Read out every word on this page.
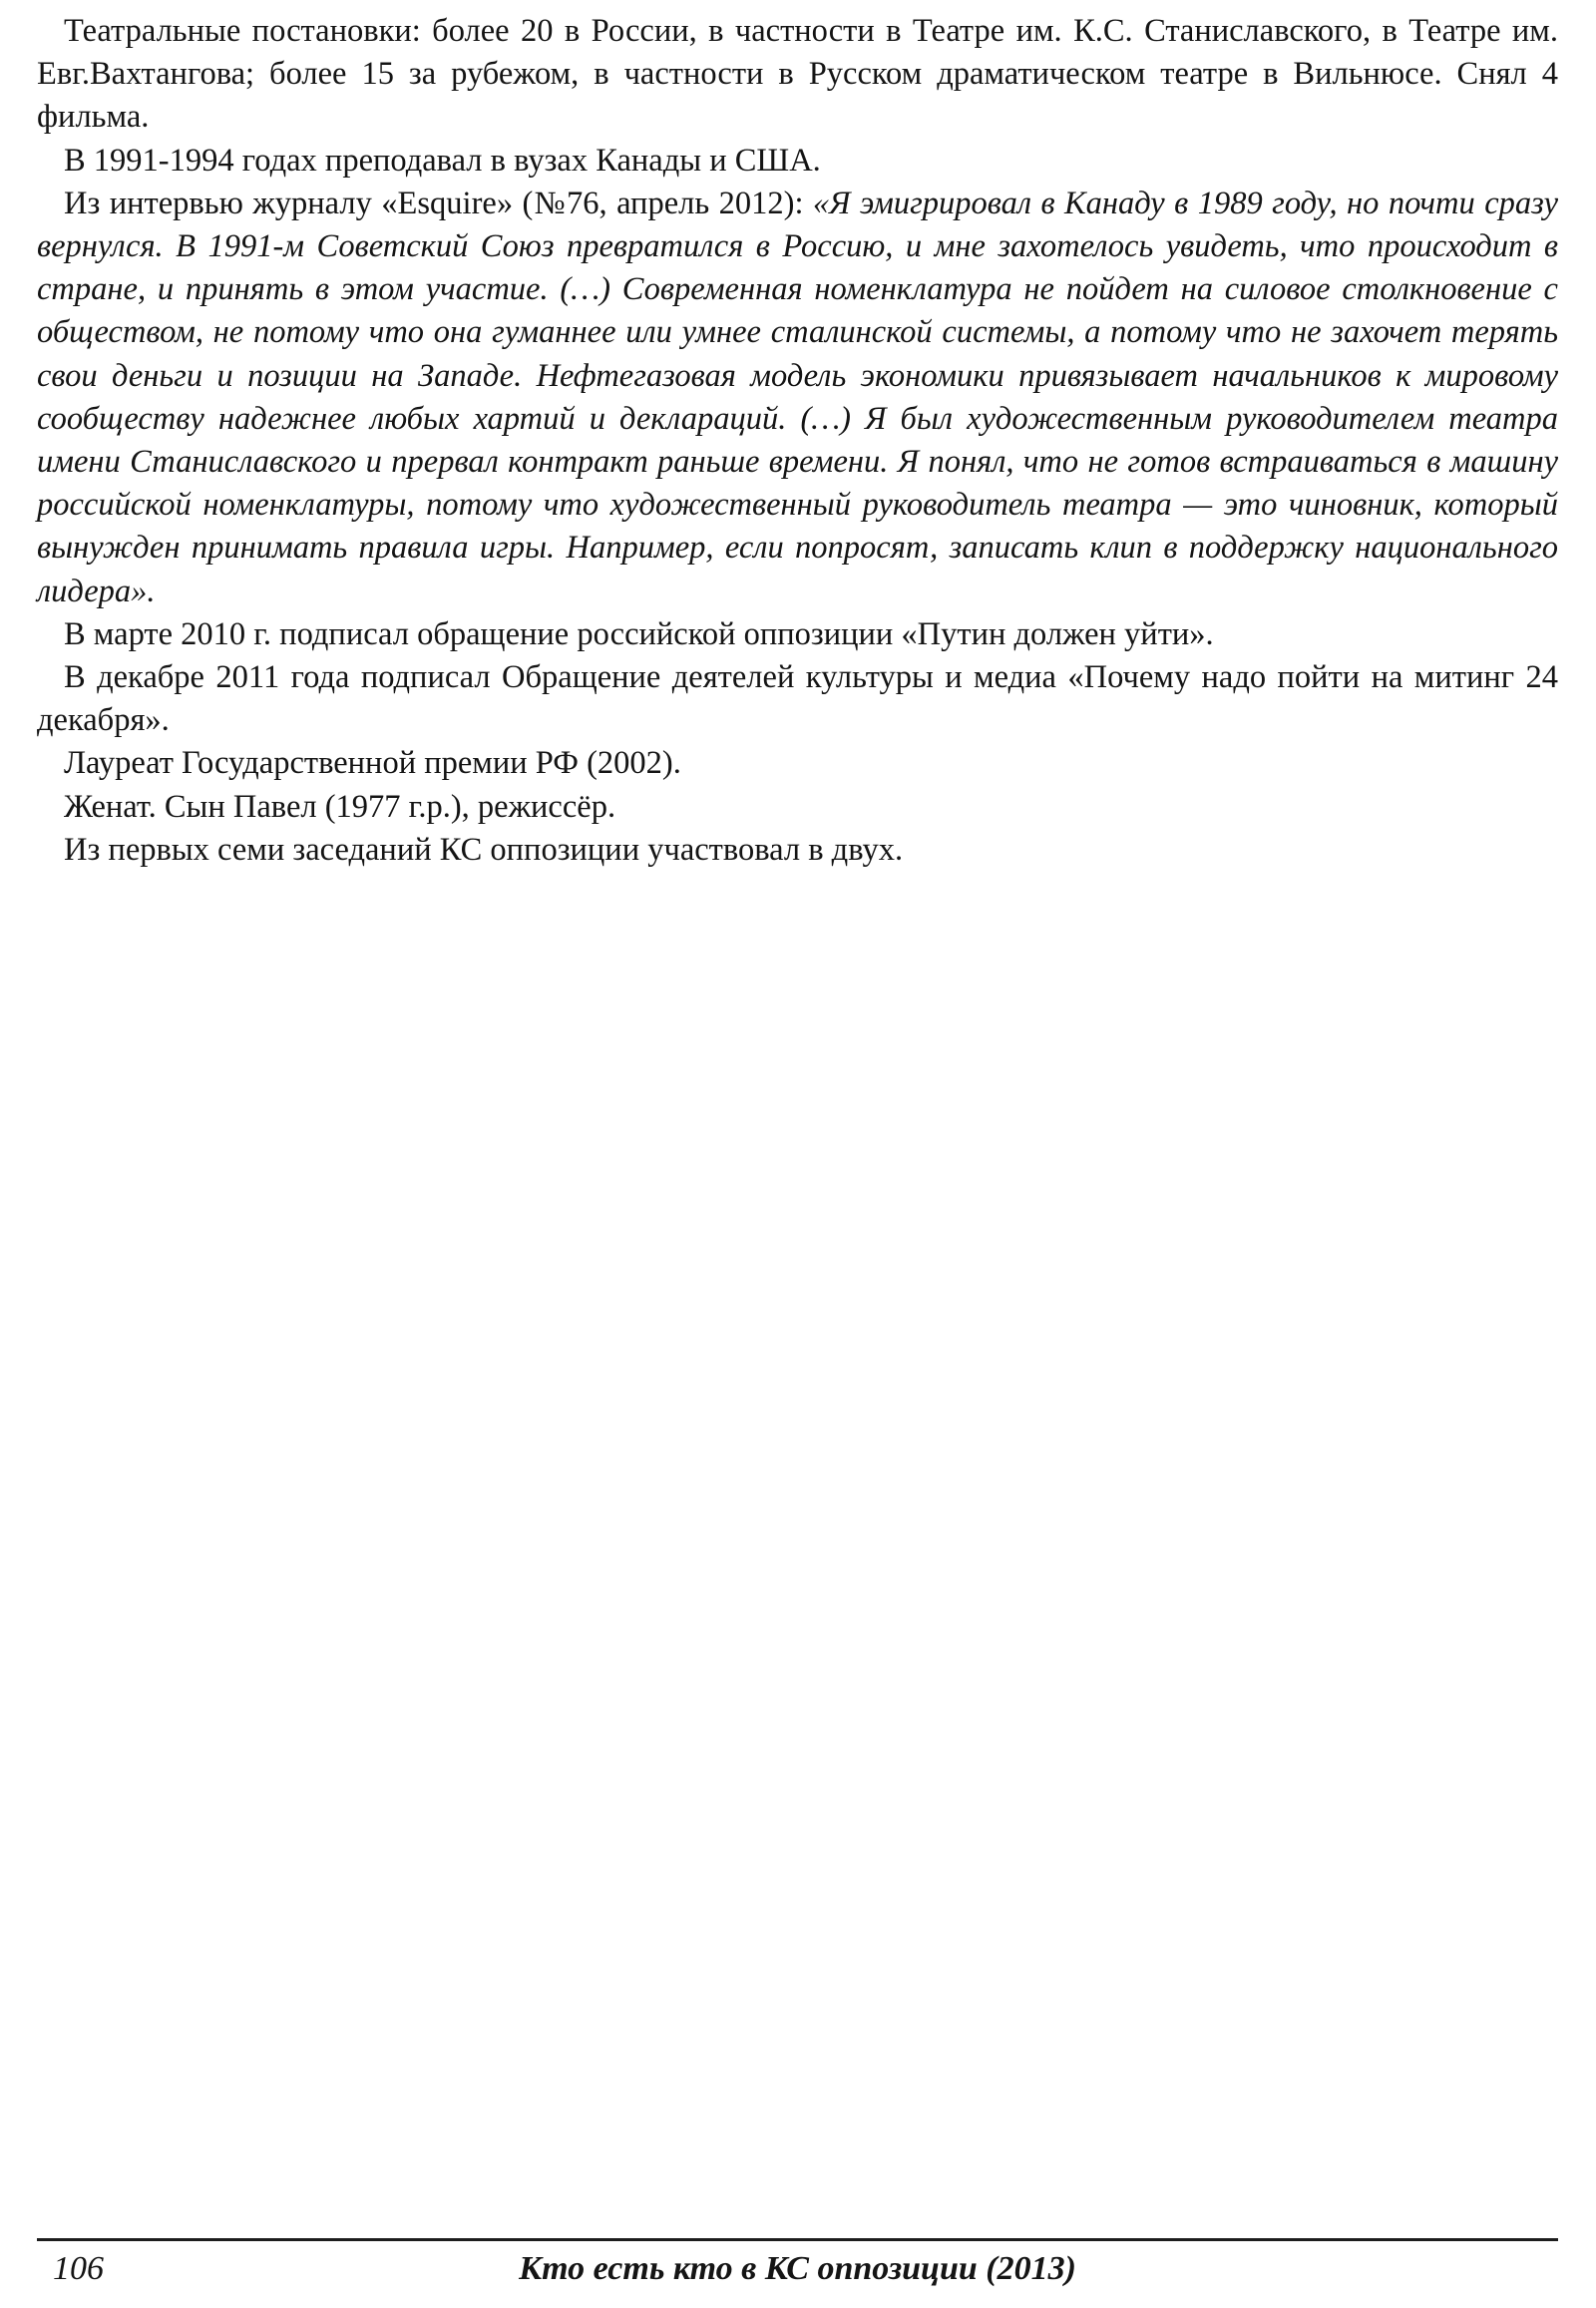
Театральные постановки: более 20 в России, в частности в Театре им. К.С. Станиславского, в Театре им. Евг.Вахтангова; более 15 за рубежом, в частности в Русском драматическом театре в Вильнюсе. Снял 4 фильма.

В 1991-1994 годах преподавал в вузах Канады и США.

Из интервью журналу «Esquire» (№76, апрель 2012): «Я эмигрировал в Канаду в 1989 году, но почти сразу вернулся. В 1991-м Советский Союз превратился в Россию, и мне захотелось увидеть, что происходит в стране, и принять в этом участие. (…) Современная номенклатура не пойдет на силовое столкновение с обществом, не потому что она гуманнее или умнее сталинской системы, а потому что не захочет терять свои деньги и позиции на Западе. Нефтегазовая модель экономики привязывает начальников к мировому сообществу надежнее любых хартий и деклараций. (…) Я был художественным руководителем театра имени Станиславского и прервал контракт раньше времени. Я понял, что не готов встраиваться в машину российской номенклатуры, потому что художественный руководитель театра — это чиновник, который вынужден принимать правила игры. Например, если попросят, записать клип в поддержку национального лидера».

В марте 2010 г. подписал обращение российской оппозиции «Путин должен уйти».

В декабре 2011 года подписал Обращение деятелей культуры и медиа «Почему надо пойти на митинг 24 декабря».

Лауреат Государственной премии РФ (2002).

Женат. Сын Павел (1977 г.р.), режиссёр.

Из первых семи заседаний КС оппозиции участвовал в двух.

106	Кто есть кто в КС оппозиции (2013)
